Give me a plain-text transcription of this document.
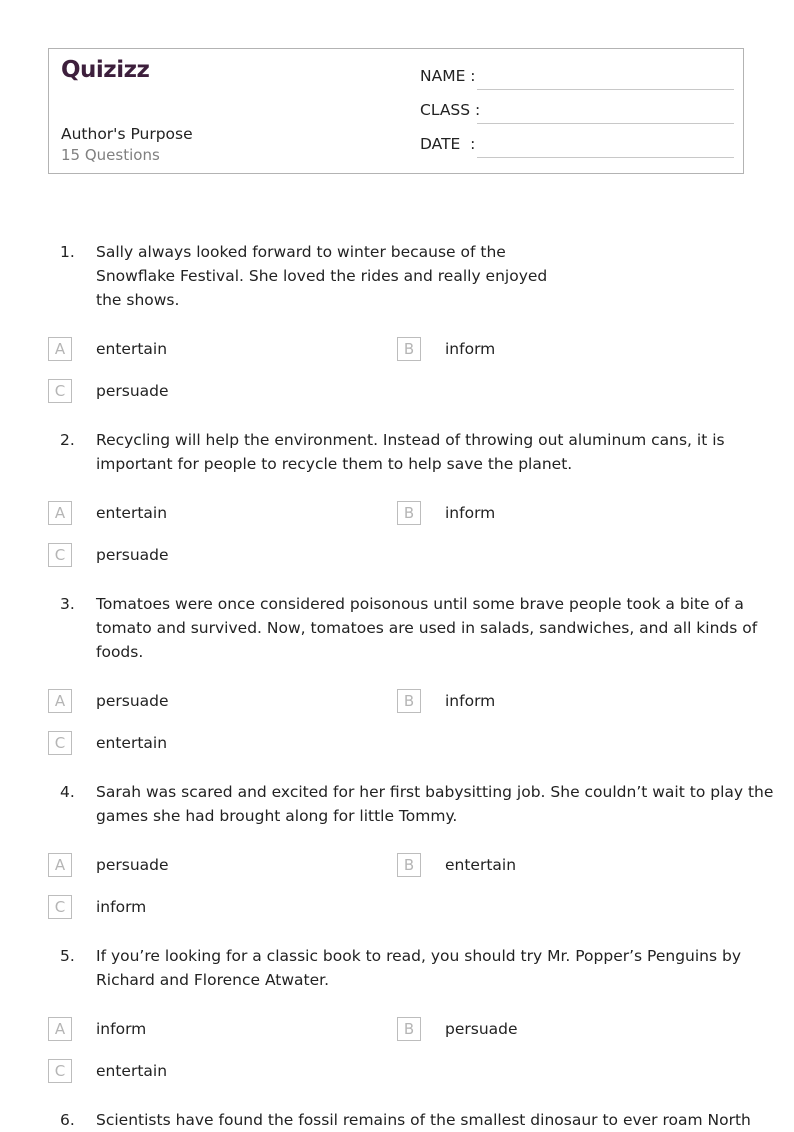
Quizizz
Author's Purpose
15 Questions
NAME :
CLASS :
DATE  :
1. Sally always looked forward to winter because of the
Snowflake Festival. She loved the rides and really enjoyed
the shows.
A	entertain	B	inform
C	persuade
2. Recycling will help the environment. Instead of throwing out aluminum cans, it is
important for people to recycle them to help save the planet.
A	entertain	B	inform
C	persuade
3. Tomatoes were once considered poisonous until some brave people took a bite of a
tomato and survived. Now, tomatoes are used in salads, sandwiches, and all kinds of
foods.
A	persuade	B	inform
C	entertain
4. Sarah was scared and excited for her first babysitting job. She couldn’t wait to play the
games she had brought along for little Tommy.
A	persuade	B	entertain
C	inform
5. If you’re looking for a classic book to read, you should try Mr. Popper’s Penguins by
Richard and Florence Atwater.
A	inform	B	persuade
C	entertain
6. Scientists have found the fossil remains of the smallest dinosaur to ever roam North
